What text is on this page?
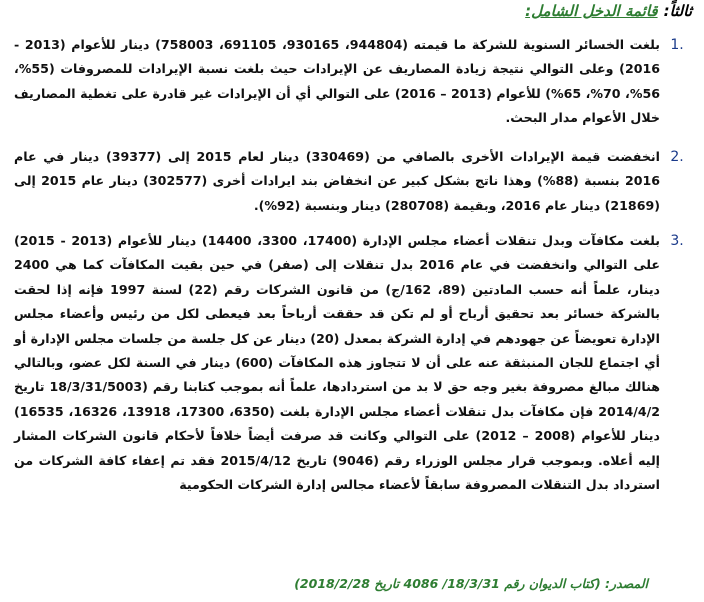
ثالثاً:
قائمة الدخل الشامل:
1.
بلغت الخسائر السنوية للشركة ما قيمته (944804، 930165، 691105، 758003) دينار للأعوام (2013 - 2016) وعلى التوالي نتيجة زيادة المصاريف عن الإيرادات حيث بلغت نسبة الإيرادات للمصروفات (55%، 56%، 70%، 65%) للأعوام (2013 – 2016) على التوالي أي أن الإيرادات غير قادرة على تغطية المصاريف خلال الأعوام مدار البحث.
2.
انخفضت قيمة الإيرادات الأخرى بالصافي من (330469) دينار لعام 2015 إلى (39377) دينار في عام 2016 بنسبة (88%) وهذا ناتج بشكل كبير عن انخفاض بند ايرادات أخرى (302577) دينار عام 2015 إلى (21869) دينار عام 2016، وبقيمة (280708) دينار وبنسبة (92%).
3.
بلغت مكافآت وبدل تنقلات أعضاء مجلس الإدارة (17400، 3300، 14400) دينار للأعوام (2013 - 2015) على التوالي وانخفضت في عام 2016 بدل تنقلات إلى (صفر) في حين بقيت المكافآت كما هي 2400 دينار، علماً أنه حسب المادتين (89، 162/ج) من قانون الشركات رقم (22) لسنة 1997 فإنه إذا لحقت بالشركة خسائر بعد تحقيق أرباح أو لم تكن قد حققت أرباحاً بعد فيعطى لكل من رئيس وأعضاء مجلس الإدارة تعويضاً عن جهودهم في إدارة الشركة بمعدل (20) دينار عن كل جلسة من جلسات مجلس الإدارة أو أي اجتماع للجان المنبثقة عنه على أن لا تتجاوز هذه المكافآت (600) دينار في السنة لكل عضو، وبالتالي هنالك مبالغ مصروفة بغير وجه حق لا بد من استردادها، علماً أنه بموجب كتابنا رقم (18/3/31/5003 تاريخ 2014/4/2 فإن مكافآت بدل تنقلات أعضاء مجلس الإدارة بلغت (6350، 17300، 13918، 16326، 16535) دينار للأعوام (2008 – 2012) على التوالي وكانت قد صرفت أيضاً خلافاً لأحكام قانون الشركات المشار إليه أعلاه. وبموجب قرار مجلس الوزراء رقم (9046) تاريخ 2015/4/12 فقد تم إعفاء كافة الشركات من استرداد بدل التنقلات المصروفة سابقاً لأعضاء مجالس إدارة الشركات الحكومية
المصدر: (كتاب الديوان رقم 18/3/31/ 4086 تاريخ 2018/2/28)
